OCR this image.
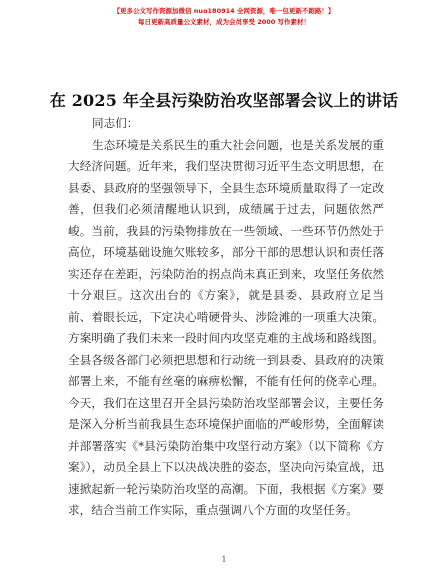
【更多公文写作资源加微信 nuo180914 全网资源，唯一包更新不跑路！】
每日更新高质量公文素材，成为会员享受 2000 写作素材！
在 2025 年全县污染防治攻坚部署会议上的讲话

同志们：

生态环境是关系民生的重大社会问题，也是关系发展的重大经济问题。近年来，我们坚决贯彻习近平生态文明思想，在县委、县政府的坚强领导下，全县生态环境质量取得了一定改善，但我们必须清醒地认识到，成绩属于过去，问题依然严峻。当前，我县的污染物排放在一些领域、一些环节仍然处于高位，环境基础设施欠账较多，部分干部的思想认识和责任落实还存在差距，污染防治的拐点尚未真正到来，攻坚任务依然十分艰巨。这次出台的《方案》，就是县委、县政府立足当前、着眼长远，下定决心啃硬骨头、涉险滩的一项重大决策。方案明确了我们未来一段时间内攻坚克难的主战场和路线图。全县各级各部门必须把思想和行动统一到县委、县政府的决策部署上来，不能有丝毫的麻痹松懈，不能有任何的侥幸心理。今天，我们在这里召开全县污染防治攻坚部署会议，主要任务是深入分析当前我县生态环境保护面临的严峻形势，全面解读并部署落实《*县污染防治集中攻坚行动方案》（以下简称《方案》），动员全县上下以决战决胜的姿态，坚决向污染宣战，迅速掀起新一轮污染防治攻坚的高潮。下面，我根据《方案》要求，结合当前工作实际，重点强调八个方面的攻坚任务。

1
